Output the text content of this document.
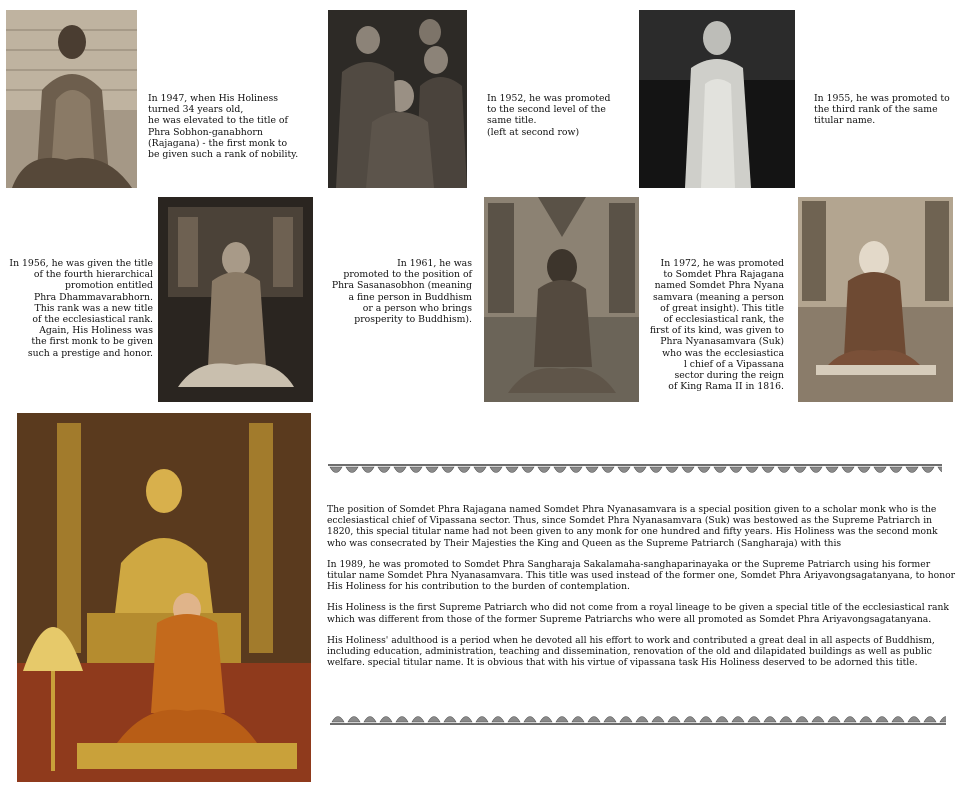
In 1947, when His Holiness
turned 34 years old,
he was elevated to the title of
Phra Sobhon-ganabhorn
(Rajagana) - the first monk to
be given such a rank of nobility.
In 1952, he was promoted
to the second level of the
same title.
(left at second row)
In 1955, he was promoted to
the third rank of the same
titular name.
In 1956, he was given the title
of the fourth hierarchical
promotion entitled
Phra Dhammavarabhorn.
This rank was a new title
of the ecclesiastical rank.
Again, His Holiness was
the first monk to be given
such a prestige and honor.
In 1961, he was
promoted to the position of
Phra Sasanasobhon (meaning
a fine person in Buddhism
or a person who brings
prosperity to Buddhism).
In 1972, he was promoted
to Somdet Phra Rajagana
named Somdet Phra Nyana
samvara (meaning a person
of great insight). This title
of ecclesiastical rank, the
first of its kind, was given to
Phra Nyanasamvara (Suk)
who was the ecclesiastica
l chief of a Vipassana
sector during the reign
of King Rama II in 1816.

The position of Somdet Phra Rajagana named Somdet Phra Nyanasamvara is a special position given to a scholar monk who is the ecclesiastical chief of Vipassana sector. Thus, since Somdet Phra Nyanasamvara (Suk) was bestowed as the Supreme Patriarch in 1820, this special titular name had not been given to any monk for one hundred and fifty years. His Holiness was the second monk who was consecrated by Their Majesties the King and Queen as the Supreme Patriarch (Sangharaja) with this

In 1989, he was promoted to Somdet Phra Sangharaja Sakalamaha-sanghaparinayaka or the Supreme Patriarch using his former titular name Somdet Phra Nyanasamvara. This title was used instead of the former one, Somdet Phra Ariyavongsagatanyana, to honor His Holiness for his contribution to the burden of contemplation.

His Holiness is the first Supreme Patriarch who did not come from a royal lineage to be given a special title of the ecclesiastical rank which was different from those of the former Supreme Patriarchs who were all promoted as Somdet Phra Ariyavongsagatanyana.

His Holiness' adulthood is a period when he devoted all his effort to work and contributed a great deal in all aspects of Buddhism, including education, administration, teaching and dissemination, renovation of the old and dilapidated buildings as well as public welfare. special titular name. It is obvious that with his virtue of vipassana task His Holiness deserved to be adorned this title.
